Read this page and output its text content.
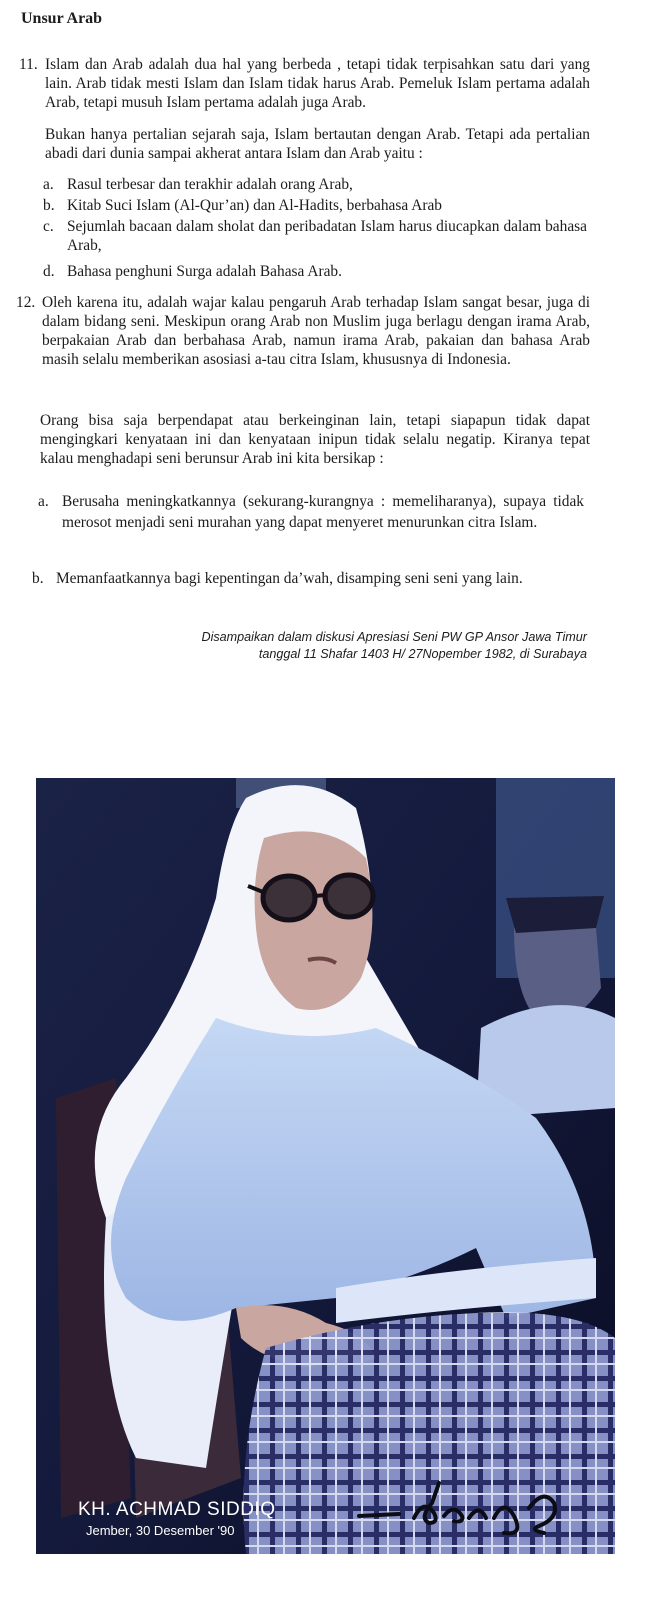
Unsur Arab
11. Islam dan Arab adalah dua hal yang berbeda , tetapi tidak terpisahkan satu dari yang lain. Arab tidak mesti Islam dan Islam tidak harus Arab. Pemeluk Islam pertama adalah Arab, tetapi musuh Islam pertama adalah juga Arab.
Bukan hanya pertalian sejarah saja, Islam bertautan dengan Arab. Tetapi ada pertalian abadi dari dunia sampai akherat antara Islam dan Arab yaitu :
a. Rasul terbesar dan terakhir adalah orang Arab,
b. Kitab Suci Islam (Al-Qur’an) dan Al-Hadits, berbahasa Arab
c. Sejumlah bacaan dalam sholat dan peribadatan Islam harus diucapkan dalam bahasa Arab,
d. Bahasa penghuni Surga adalah Bahasa Arab.
12. Oleh karena itu, adalah wajar kalau pengaruh Arab terhadap Islam sangat besar, juga di dalam bidang seni. Meskipun orang Arab non Muslim juga berlagu dengan irama Arab, berpakaian Arab dan berbahasa Arab, namun irama Arab, pakaian dan bahasa Arab masih selalu memberikan asosiasi a-tau citra Islam, khususnya di Indonesia.
Orang bisa saja berpendapat atau berkeinginan lain, tetapi siapapun tidak dapat mengingkari kenyataan ini dan kenyataan inipun tidak selalu negatip. Kiranya tepat kalau menghadapi seni berunsur Arab ini kita bersikap :
a. Berusaha meningkatkannya (sekurang-kurangnya : memeliharanya), supaya tidak merosot menjadi seni murahan yang dapat menyeret menurunkan citra Islam.
b. Memanfaatkannya bagi kepentingan da’wah, disamping seni seni yang lain.
Disampaikan dalam diskusi Apresiasi Seni PW GP Ansor Jawa Timur
tanggal 11 Shafar 1403 H/ 27Nopember 1982, di Surabaya
KH. ACHMAD SIDDIQ
Jember, 30 Desember '90
